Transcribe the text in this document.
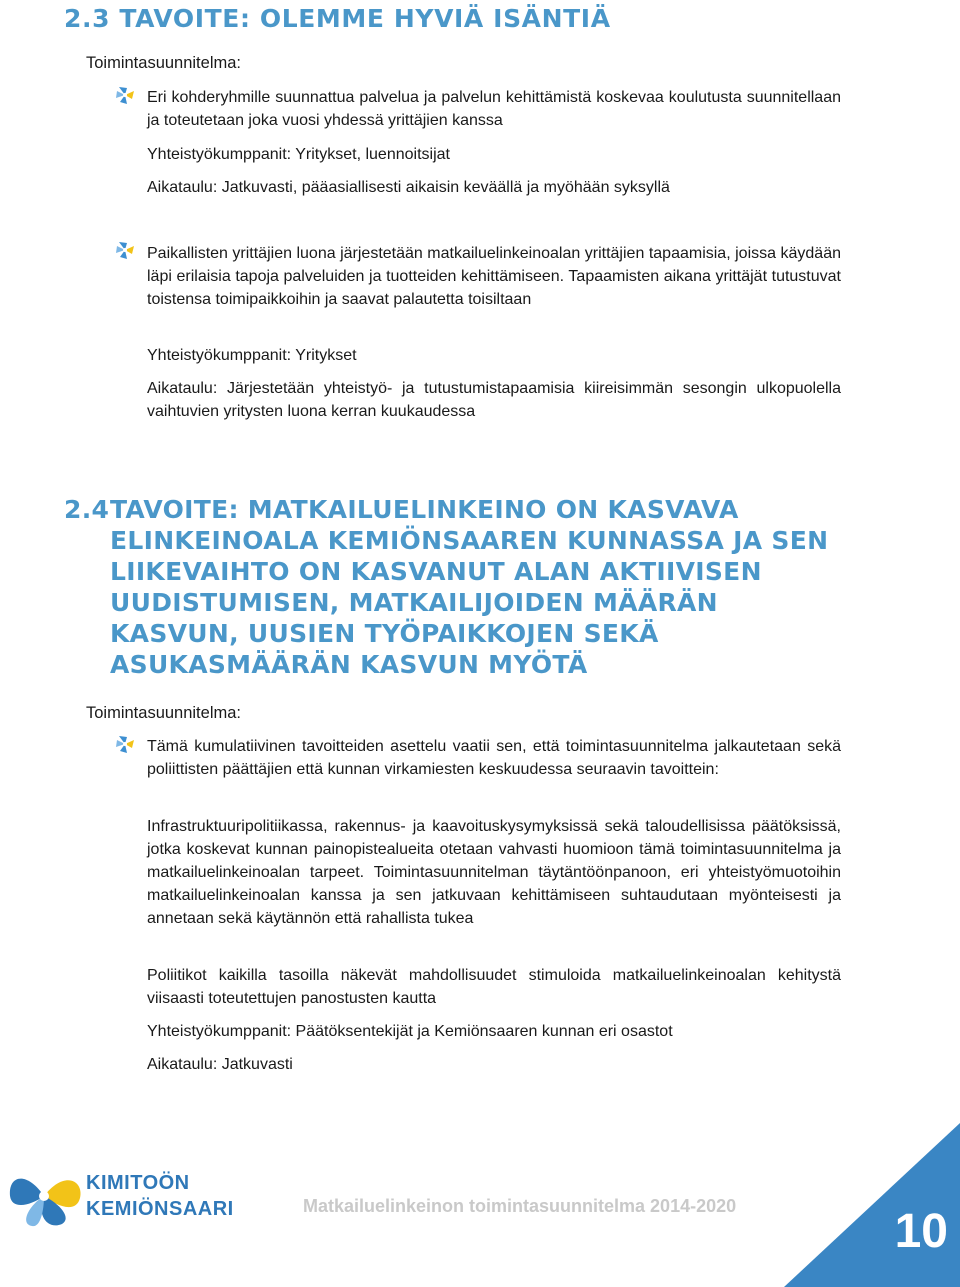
2.3 TAVOITE: OLEMME HYVIÄ ISÄNTIÄ
Toimintasuunnitelma:

Eri kohderyhmille suunnattua palvelua ja palvelun kehittämistä koskevaa koulutusta suunnitellaan ja toteutetaan joka vuosi yhdessä yrittäjien kanssa

Yhteistyökumppanit: Yritykset, luennoitsijat

Aikataulu: Jatkuvasti, pääasiallisesti aikaisin keväällä ja myöhään syksyllä

Paikallisten yrittäjien luona järjestetään matkailuelinkeinoalan yrittäjien tapaamisia, joissa käydään läpi erilaisia tapoja palveluiden ja tuotteiden kehittämiseen. Tapaamisten aikana yrittäjät tutustuvat toistensa toimipaikkoihin ja saavat palautetta toisiltaan

Yhteistyökumppanit: Yritykset

Aikataulu: Järjestetään yhteistyö- ja tutustumistapaamisia kiireisimmän sesongin ulkopuolella vaihtuvien yritysten luona kerran kuukaudessa

2.4TAVOITE: MATKAILUELINKEINO ON KASVAVA
ELINKEINOALA KEMIÖNSAAREN KUNNASSA JA SEN
LIIKEVAIHTO ON KASVANUT ALAN AKTIIVISEN
UUDISTUMISEN, MATKAILIJOIDEN MÄÄRÄN
KASVUN, UUSIEN TYÖPAIKKOJEN SEKÄ
ASUKASMÄÄRÄN KASVUN MYÖTÄ
Toimintasuunnitelma:

Tämä kumulatiivinen tavoitteiden asettelu vaatii sen, että toimintasuunnitelma jalkautetaan sekä poliittisten päättäjien että kunnan virkamiesten keskuudessa seuraavin tavoittein:

Infrastruktuuripolitiikassa, rakennus- ja kaavoituskysymyksissä sekä taloudellisissa päätöksissä, jotka koskevat kunnan painopistealueita otetaan vahvasti huomioon tämä toimintasuunnitelma ja matkailuelinkeinoalan tarpeet. Toimintasuunnitelman täytäntöönpanoon, eri yhteistyömuotoihin matkailuelinkeinoalan kanssa ja sen jatkuvaan kehittämiseen suhtaudutaan myönteisesti ja annetaan sekä käytännön että rahallista tukea

Poliitikot kaikilla tasoilla näkevät mahdollisuudet stimuloida matkailuelinkeinoalan kehitystä viisaasti toteutettujen panostusten kautta

Yhteistyökumppanit: Päätöksentekijät ja Kemiönsaaren kunnan eri osastot

Aikataulu: Jatkuvasti

KIMITOÖN
KEMIÖNSAARI	Matkailuelinkeinon toimintasuunnitelma 2014-2020	10
